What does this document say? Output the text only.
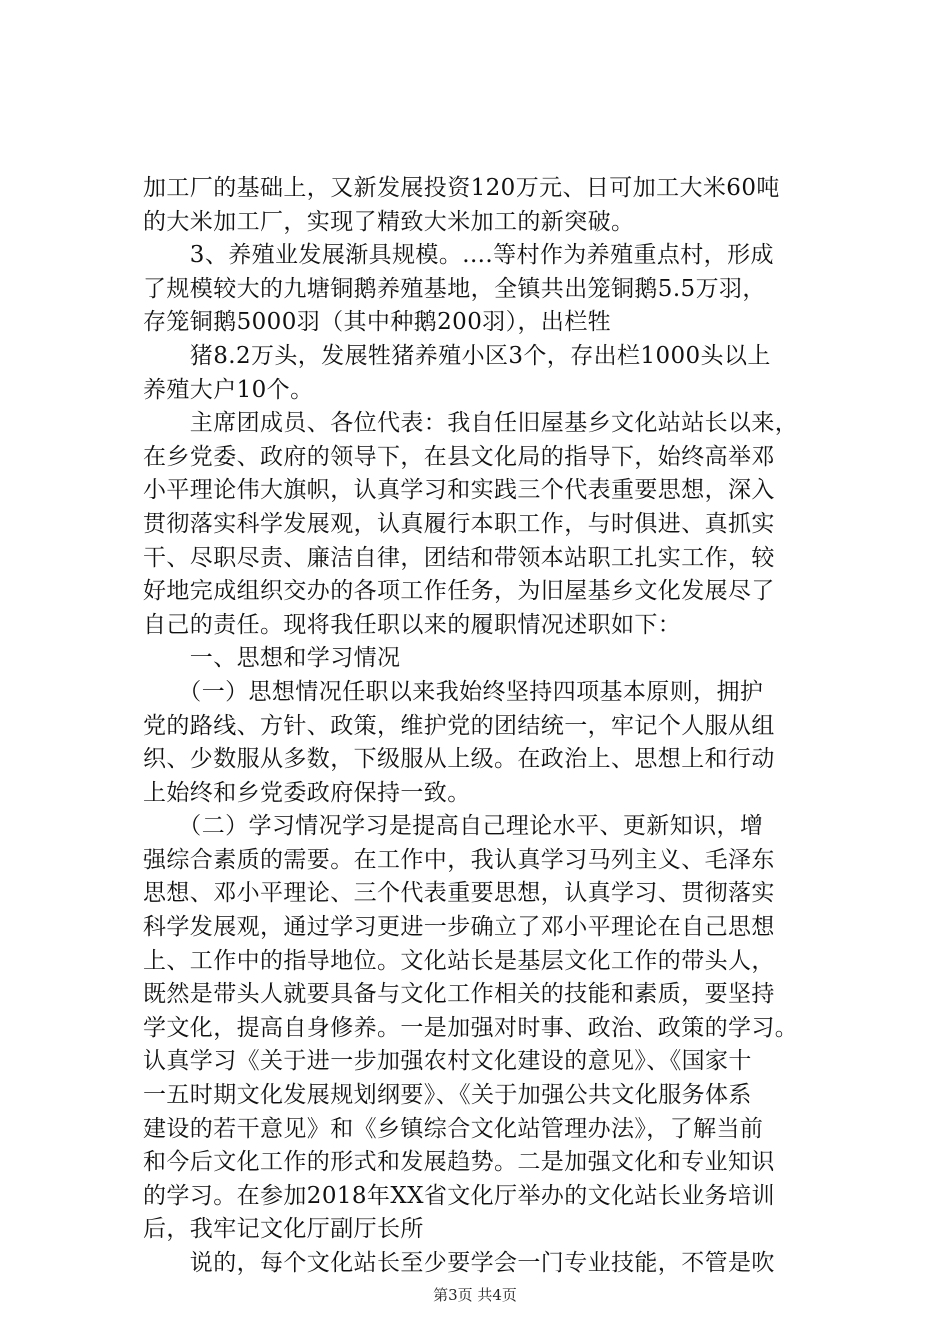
加工厂的基础上，又新发展投资120万元、日可加工大米60吨
的大米加工厂，实现了精致大米加工的新突破。
　　3、养殖业发展渐具规模。....等村作为养殖重点村，形成
了规模较大的九塘铜鹅养殖基地，全镇共出笼铜鹅5.5万羽，
存笼铜鹅5000羽（其中种鹅200羽），出栏牲
　　猪8.2万头，发展牲猪养殖小区3个，存出栏1000头以上
养殖大户10个。
　　主席团成员、各位代表：我自任旧屋基乡文化站站长以来，
在乡党委、政府的领导下，在县文化局的指导下，始终高举邓
小平理论伟大旗帜，认真学习和实践三个代表重要思想，深入
贯彻落实科学发展观，认真履行本职工作，与时俱进、真抓实
干、尽职尽责、廉洁自律，团结和带领本站职工扎实工作，较
好地完成组织交办的各项工作任务，为旧屋基乡文化发展尽了
自己的责任。现将我任职以来的履职情况述职如下：
　　一、思想和学习情况
　　（一）思想情况任职以来我始终坚持四项基本原则，拥护
党的路线、方针、政策，维护党的团结统一，牢记个人服从组
织、少数服从多数，下级服从上级。在政治上、思想上和行动
上始终和乡党委政府保持一致。
　　（二）学习情况学习是提高自己理论水平、更新知识，增
强综合素质的需要。在工作中，我认真学习马列主义、毛泽东
思想、邓小平理论、三个代表重要思想，认真学习、贯彻落实
科学发展观，通过学习更进一步确立了邓小平理论在自己思想
上、工作中的指导地位。文化站长是基层文化工作的带头人，
既然是带头人就要具备与文化工作相关的技能和素质，要坚持
学文化，提高自身修养。一是加强对时事、政治、政策的学习。
认真学习《关于进一步加强农村文化建设的意见》、《国家十
一五时期文化发展规划纲要》、《关于加强公共文化服务体系
建设的若干意见》和《乡镇综合文化站管理办法》，了解当前
和今后文化工作的形式和发展趋势。二是加强文化和专业知识
的学习。在参加2018年XX省文化厅举办的文化站长业务培训
后，我牢记文化厅副厅长所
　　说的，每个文化站长至少要学会一门专业技能，不管是吹
第3页 共4页
